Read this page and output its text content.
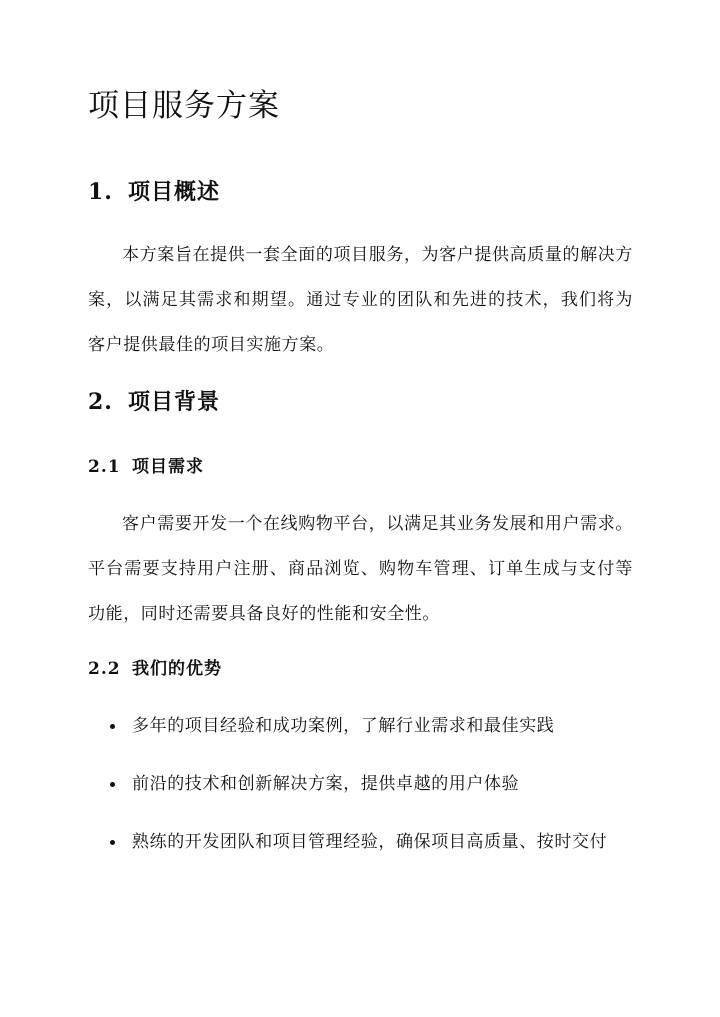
项目服务方案
1. 项目概述

本方案旨在提供一套全面的项目服务，为客户提供高质量的解决方案，以满足其需求和期望。通过专业的团队和先进的技术，我们将为客户提供最佳的项目实施方案。

2. 项目背景
2.1 项目需求

客户需要开发一个在线购物平台，以满足其业务发展和用户需求。平台需要支持用户注册、商品浏览、购物车管理、订单生成与支付等功能，同时还需要具备良好的性能和安全性。

2.2 我们的优势
多年的项目经验和成功案例，了解行业需求和最佳实践
前沿的技术和创新解决方案，提供卓越的用户体验
熟练的开发团队和项目管理经验，确保项目高质量、按时交付
